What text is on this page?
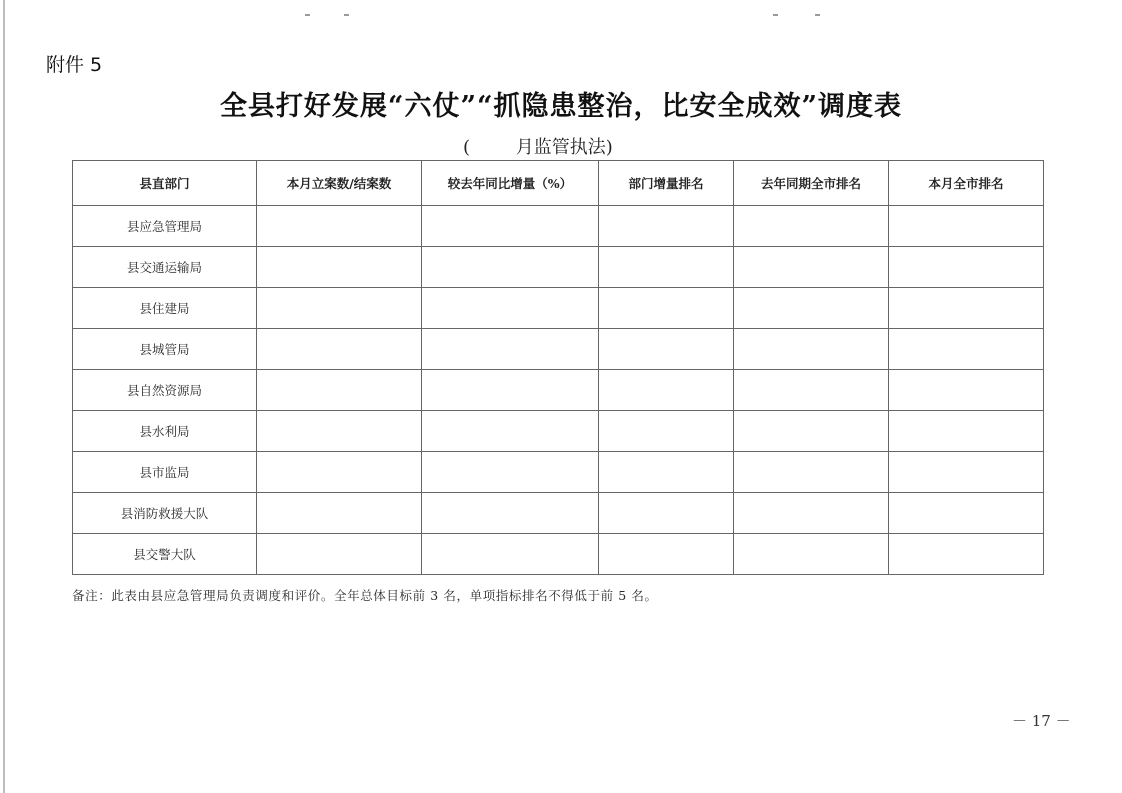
附件 5
全县打好发展“六仗”“抓隐患整治，比安全成效”调度表
(        月监管执法)
县直部门	本月立案数/结案数	较去年同比增量（%）	部门增量排名	去年同期全市排名	本月全市排名
县应急管理局					
县交通运输局					
县住建局					
县城管局					
县自然资源局					
县水利局					
县市监局					
县消防救援大队					
县交警大队					
备注：此表由县应急管理局负责调度和评价。全年总体目标前 3 名，单项指标排名不得低于前 5 名。
－ 17 －
